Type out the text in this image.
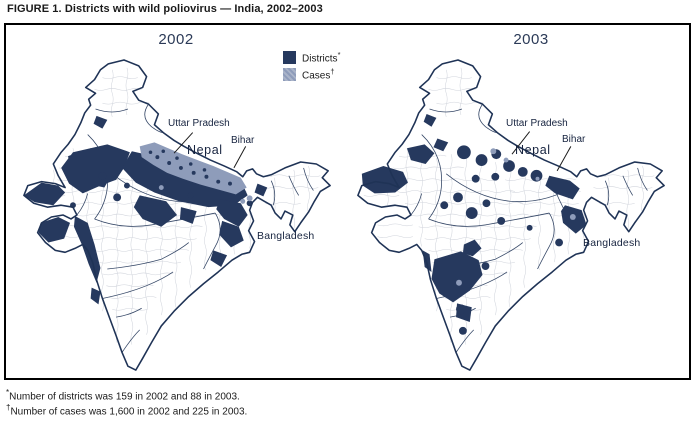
FIGURE 1. Districts with wild poliovirus — India, 2002–2003
2002	2003
Districts*
Cases†
Uttar Pradesh
Nepal
Bihar
Bangladesh
Uttar Pradesh
Nepal
Bihar
Bangladesh
*Number of districts was 159 in 2002 and 88 in 2003.
†Number of cases was 1,600 in 2002 and 225 in 2003.
